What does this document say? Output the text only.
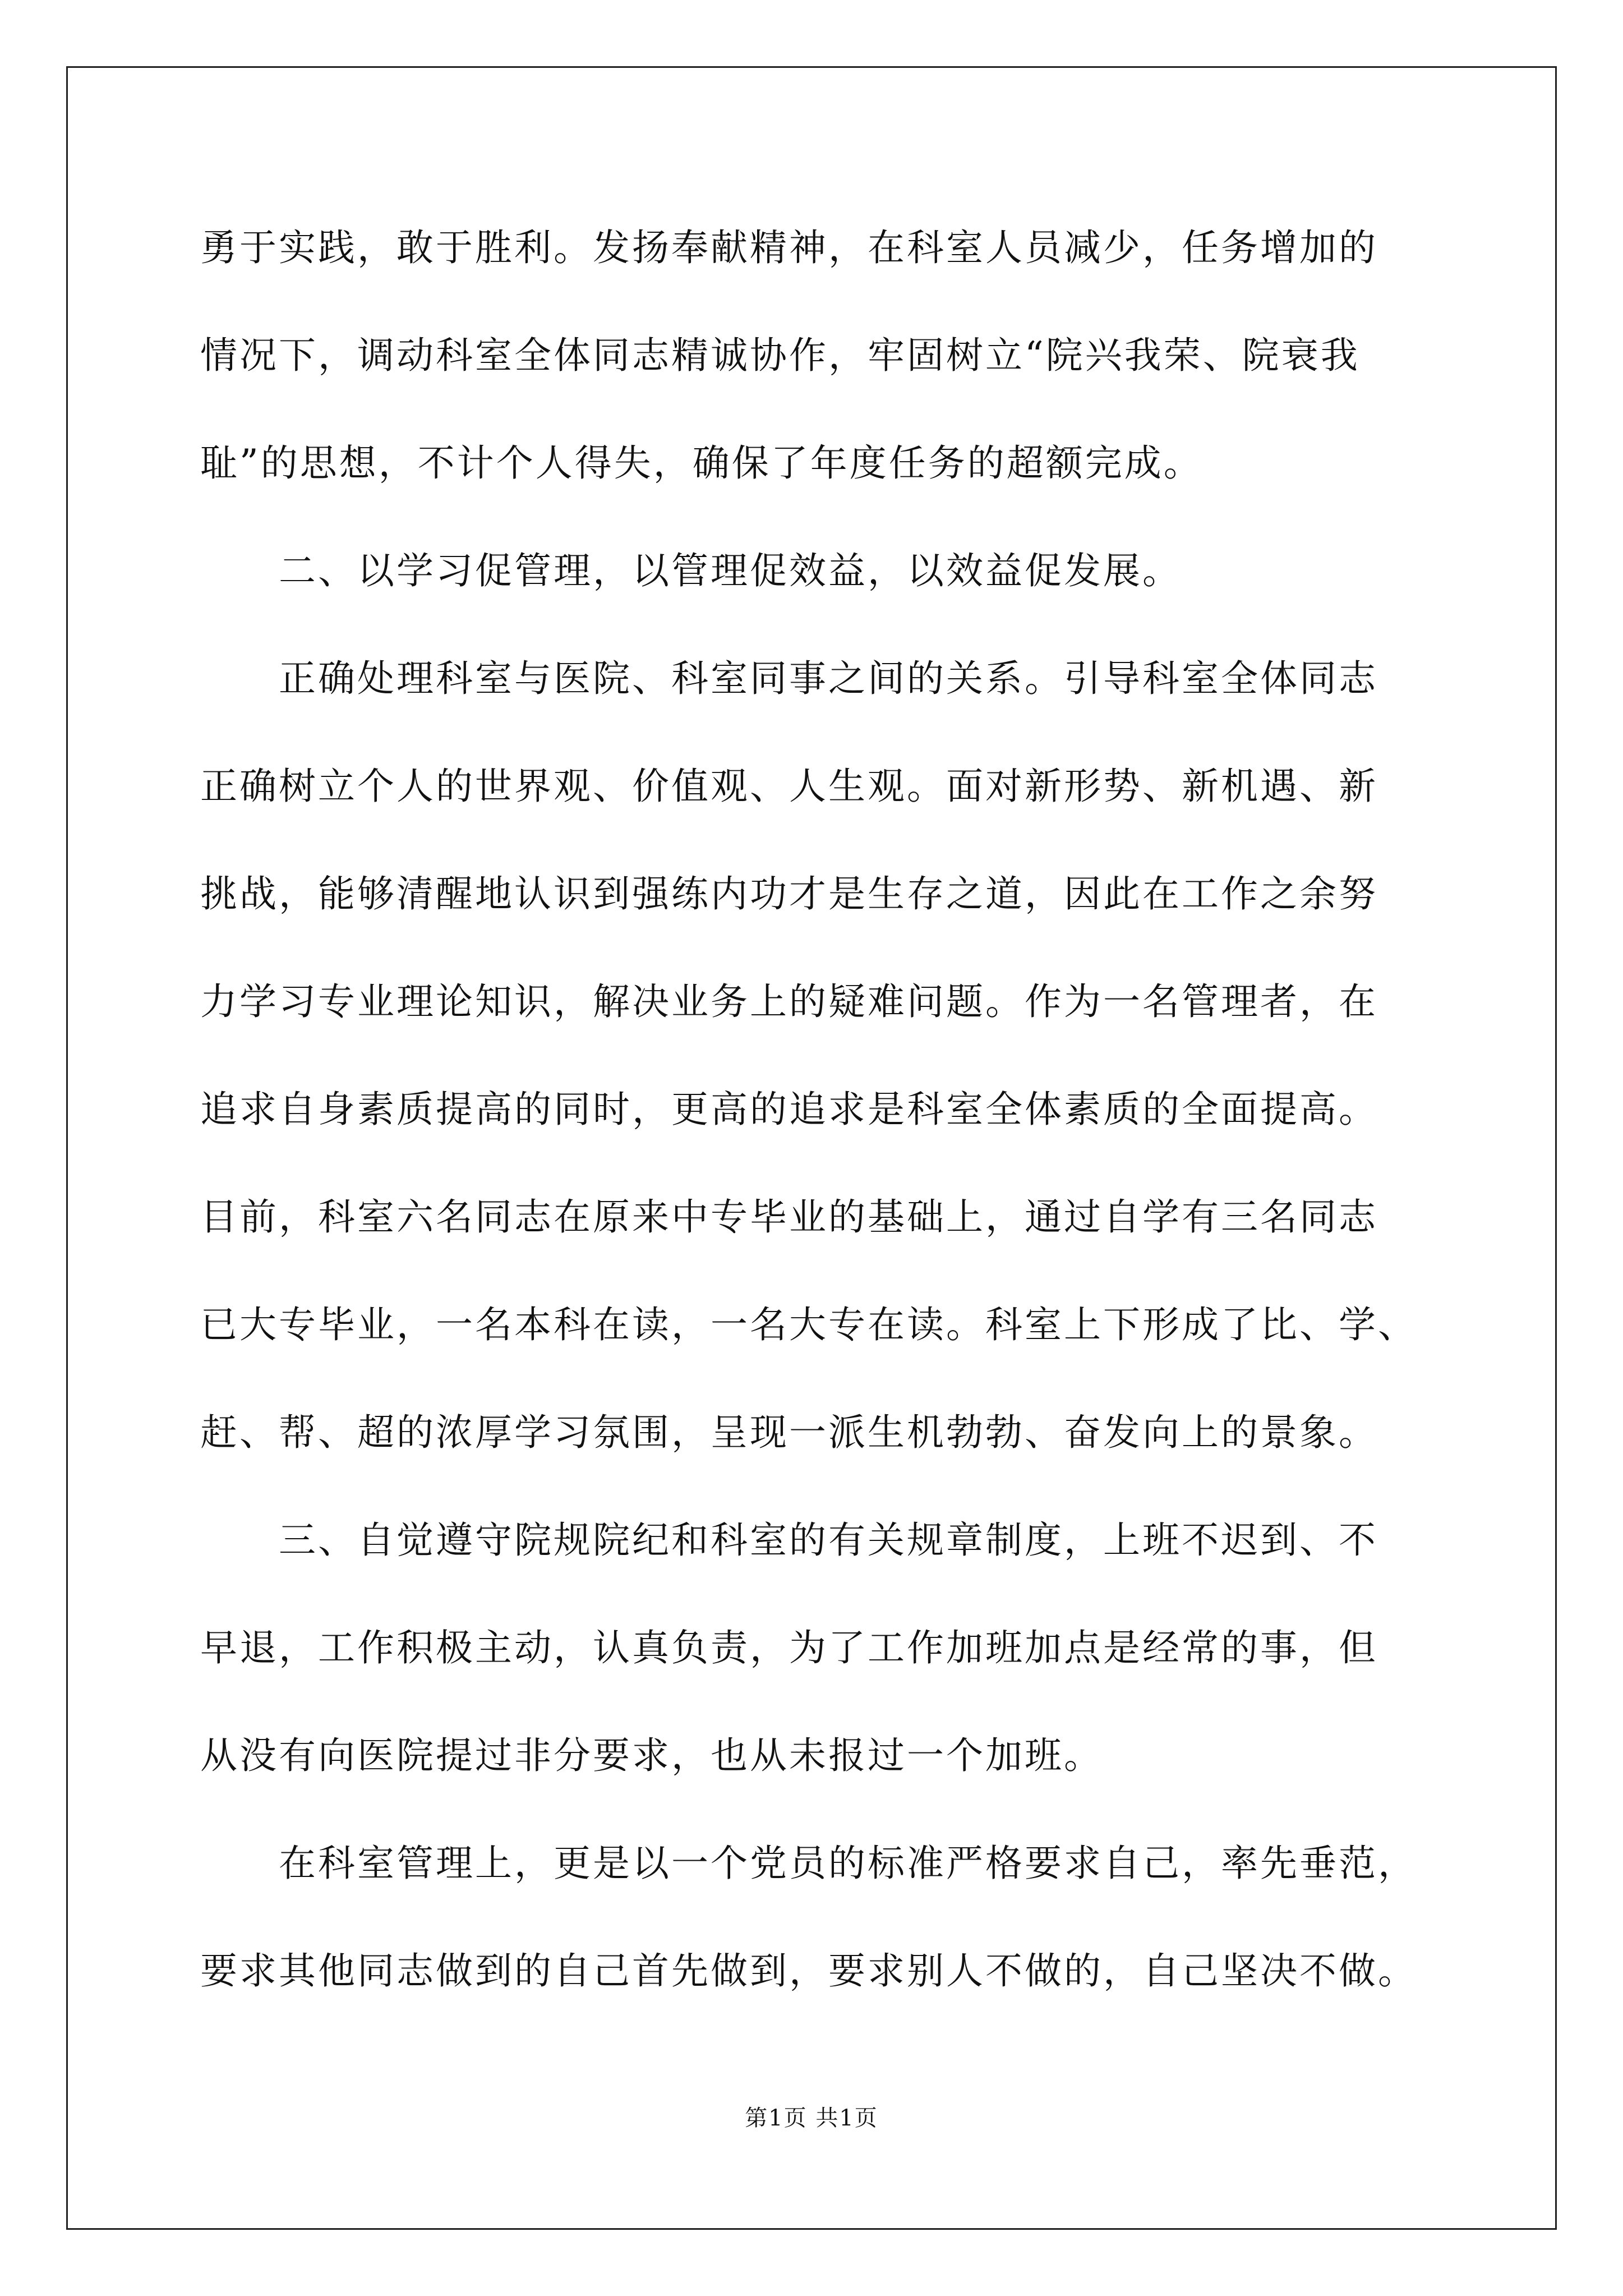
勇于实践，敢于胜利。发扬奉献精神，在科室人员减少，任务增加的
情况下，调动科室全体同志精诚协作，牢固树立“院兴我荣、院衰我
耻”的思想，不计个人得失，确保了年度任务的超额完成。
二、以学习促管理，以管理促效益，以效益促发展。
正确处理科室与医院、科室同事之间的关系。引导科室全体同志
正确树立个人的世界观、价值观、人生观。面对新形势、新机遇、新
挑战，能够清醒地认识到强练内功才是生存之道，因此在工作之余努
力学习专业理论知识，解决业务上的疑难问题。作为一名管理者，在
追求自身素质提高的同时，更高的追求是科室全体素质的全面提高。
目前，科室六名同志在原来中专毕业的基础上，通过自学有三名同志
已大专毕业，一名本科在读，一名大专在读。科室上下形成了比、学、
赶、帮、超的浓厚学习氛围，呈现一派生机勃勃、奋发向上的景象。
三、自觉遵守院规院纪和科室的有关规章制度，上班不迟到、不
早退，工作积极主动，认真负责，为了工作加班加点是经常的事，但
从没有向医院提过非分要求，也从未报过一个加班。
在科室管理上，更是以一个党员的标准严格要求自己，率先垂范，
要求其他同志做到的自己首先做到，要求别人不做的，自己坚决不做。
第1页 共1页
